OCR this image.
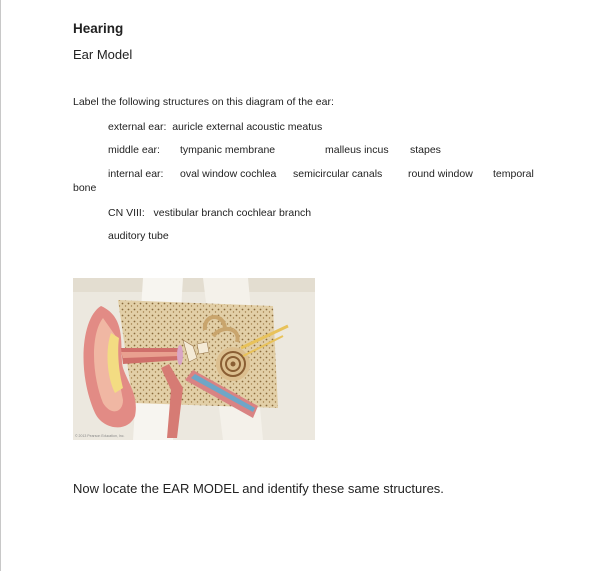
Hearing
Ear Model
Label the following structures on this diagram of the ear:
external ear: auricle external acoustic meatus
middle ear: tympanic membrane	malleus incus stapes
internal ear: oval window cochlea semicircular canals round window temporal
bone
CN VIII: vestibular branch cochlear branch
auditory tube
© 2013 Pearson Education, Inc.
Now locate the EAR MODEL and identify these same structures.
